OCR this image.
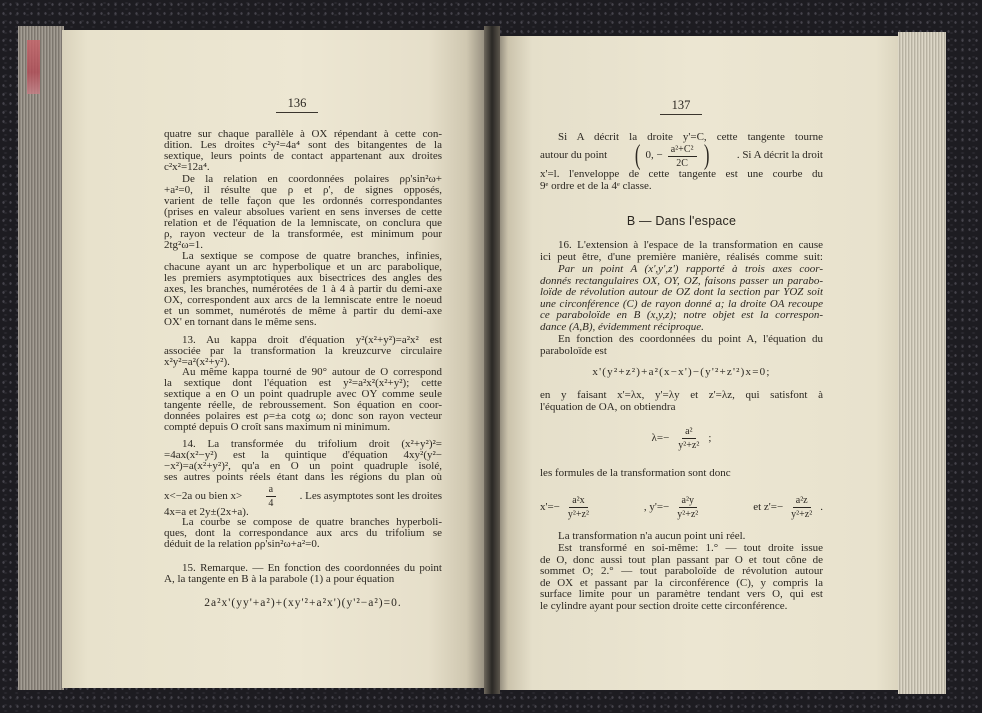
136
quatre sur chaque parallèle à OX répendant à cette con-
dition. Les droites c²y²=4a⁴ sont des bitangentes de la
sextique, leurs points de contact appartenant aux droites
c²x²=12a⁴.
De la relation en coordonnées polaires ρρ'sin²ω+
+a²=0, il résulte que ρ et ρ', de signes opposés,
varient de telle façon que les ordonnés correspondantes
(prises en valeur absolues varient en sens inverses de cette
relation et de l'équation de la lemniscate, on conclura que
ρ, rayon vecteur de la transformée, est minimum pour
2tg²ω=1.
La sextique se compose de quatre branches, infinies,
chacune ayant un arc hyperbolique et un arc parabolique,
les premiers asymptotiques aux bisectrices des angles des
axes, les branches, numérotées de 1 à 4 à partir du demi-axe
OX, correspondent aux arcs de la lemniscate entre le noeud
et un sommet, numérotés de même à partir du demi-axe
OX' en tornant dans le même sens.
13. Au kappa droit d'équation y²(x²+y²)=a²x² est
associée par la transformation la kreuzcurve circulaire
x²y²=a²(x²+y²).
Au même kappa tourné de 90° autour de O correspond
la sextique dont l'équation est y²=a²x²(x²+y²); cette
sextique a en O un point quadruple avec OY comme seule
tangente réelle, de rebroussement. Son équation en coor-
données polaires est ρ=±a cotg ω; donc son rayon vecteur
compté depuis O croît sans maximum ni minimum.
14. La transformée du trifolium droit (x²+y²)²=
=4ax(x²−y²) est la quintique d'équation 4xy²(y²−
−x²)=a(x²+y²)², qu'a en O un point quadruple isolé,
ses autres points réels étant dans les régions du plan où
x<−2a ou bien $x> \frac{a}{4}$ . Les asymptotes sont les droites
4x=a et 2y±(2x+a).
La courbe se compose de quatre branches hyperboli-
ques, dont la correspondance aux arcs du trifolium se
déduit de la relation ρρ'sin²ω+a²=0.
15. Remarque. — En fonction des coordonnées du point
A, la tangente en B à la parabole (1) a pour équation
2a²x'(yy'+a²)+(xy'²+a²x')(y'²−a²)=0.
137
Si A décrit la droite y'=C, cette tangente tourne
autour du point ( 0, − $\frac{\text{a²+C²}}{2C}$ )	. Si A décrit la droit
x'=l. l'enveloppe de cette tangente est une courbe du
9ᵉ ordre et de la 4ᵉ classe.
B — Dans l'espace
16. L'extension à l'espace de la transformation en cause
ici peut être, d'une première manière, réalisés comme suit:
Par un point A (x',y',z') rapporté à trois axes coor-
donnés rectangulaires OX, OY, OZ, faisons passer un parabo-
loïde de révolution autour de OZ dont la section par YOZ soit
une circonférence (C) de rayon donné a; la droite OA recoupe
ce paraboloïde en B (x,y,z); notre objet est la correspon-
dance (A,B), évidemment réciproque.
En fonction des coordonnées du point A, l'équation du
paraboloïde est
x'(y²+z²)+a²(x−x')−(y'²+z'²)x=0;
en y faisant x'=λx, y'=λy et z'=λz, qui satisfont à
l'équation de OA, on obtiendra
$\lambda=- \frac{\text{a²}}{\text{y²+z²}}$ ;
les formules de la transformation sont donc
$x'=- \frac{\text{a²x}}{\text{y²+z²}}$	, $y'=- \frac{\text{a²y}}{\text{y²+z²}}$	et $z'=- \frac{\text{a²z}}{\text{y²+z²}}$ .
La transformation n'a aucun point uni réel.
Est transformé en soi-même: 1.° — tout droite issue
de O, donc aussi tout plan passant par O et tout cône de
sommet O; 2.° — tout paraboloïde de révolution autour
de OX et passant par la circonférence (C), y compris la
surface limite pour un paramètre tendant vers O, qui est
le cylindre ayant pour section droite cette circonférence.
